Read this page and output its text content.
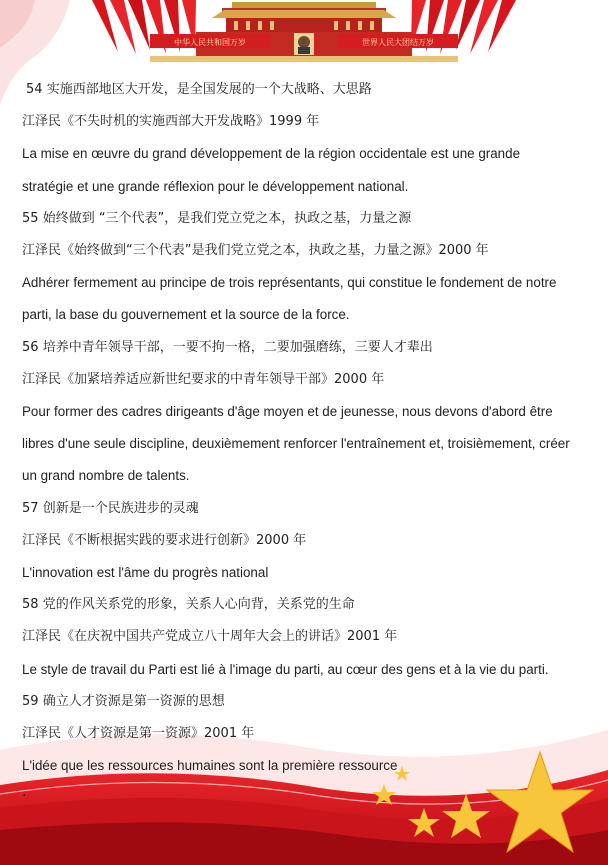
中华人民共和国万岁	世界人民大团结万岁
54 实施西部地区大开发，是全国发展的一个大战略、大思路
江泽民《不失时机的实施西部大开发战略》1999 年
La mise en œuvre du grand développement de la région occidentale est une grande
stratégie et une grande réflexion pour le développement national.
55 始终做到 “三个代表”，是我们党立党之本，执政之基，力量之源
江泽民《始终做到“三个代表”是我们党立党之本，执政之基，力量之源》2000 年
Adhérer fermement au principe de trois représentants, qui constitue le fondement de notre
parti, la base du gouvernement et la source de la force.
56 培养中青年领导干部，一要不拘一格，二要加强磨练，三要人才辈出
江泽民《加紧培养适应新世纪要求的中青年领导干部》2000 年
Pour former des cadres dirigeants d'âge moyen et de jeunesse, nous devons d'abord être
libres d'une seule discipline, deuxièmement renforcer l'entraînement et, troisièmement, créer
un grand nombre de talents.
57 创新是一个民族进步的灵魂
江泽民《不断根据实践的要求进行创新》2000 年
L'innovation est l'âme du progrès national
58 党的作风关系党的形象，关系人心向背，关系党的生命
江泽民《在庆祝中国共产党成立八十周年大会上的讲话》2001 年
Le style de travail du Parti est lié à l'image du parti, au cœur des gens et à la vie du parti.
59 确立人才资源是第一资源的思想
江泽民《人才资源是第一资源》2001 年
L'idée que les ressources humaines sont la première ressource
.
